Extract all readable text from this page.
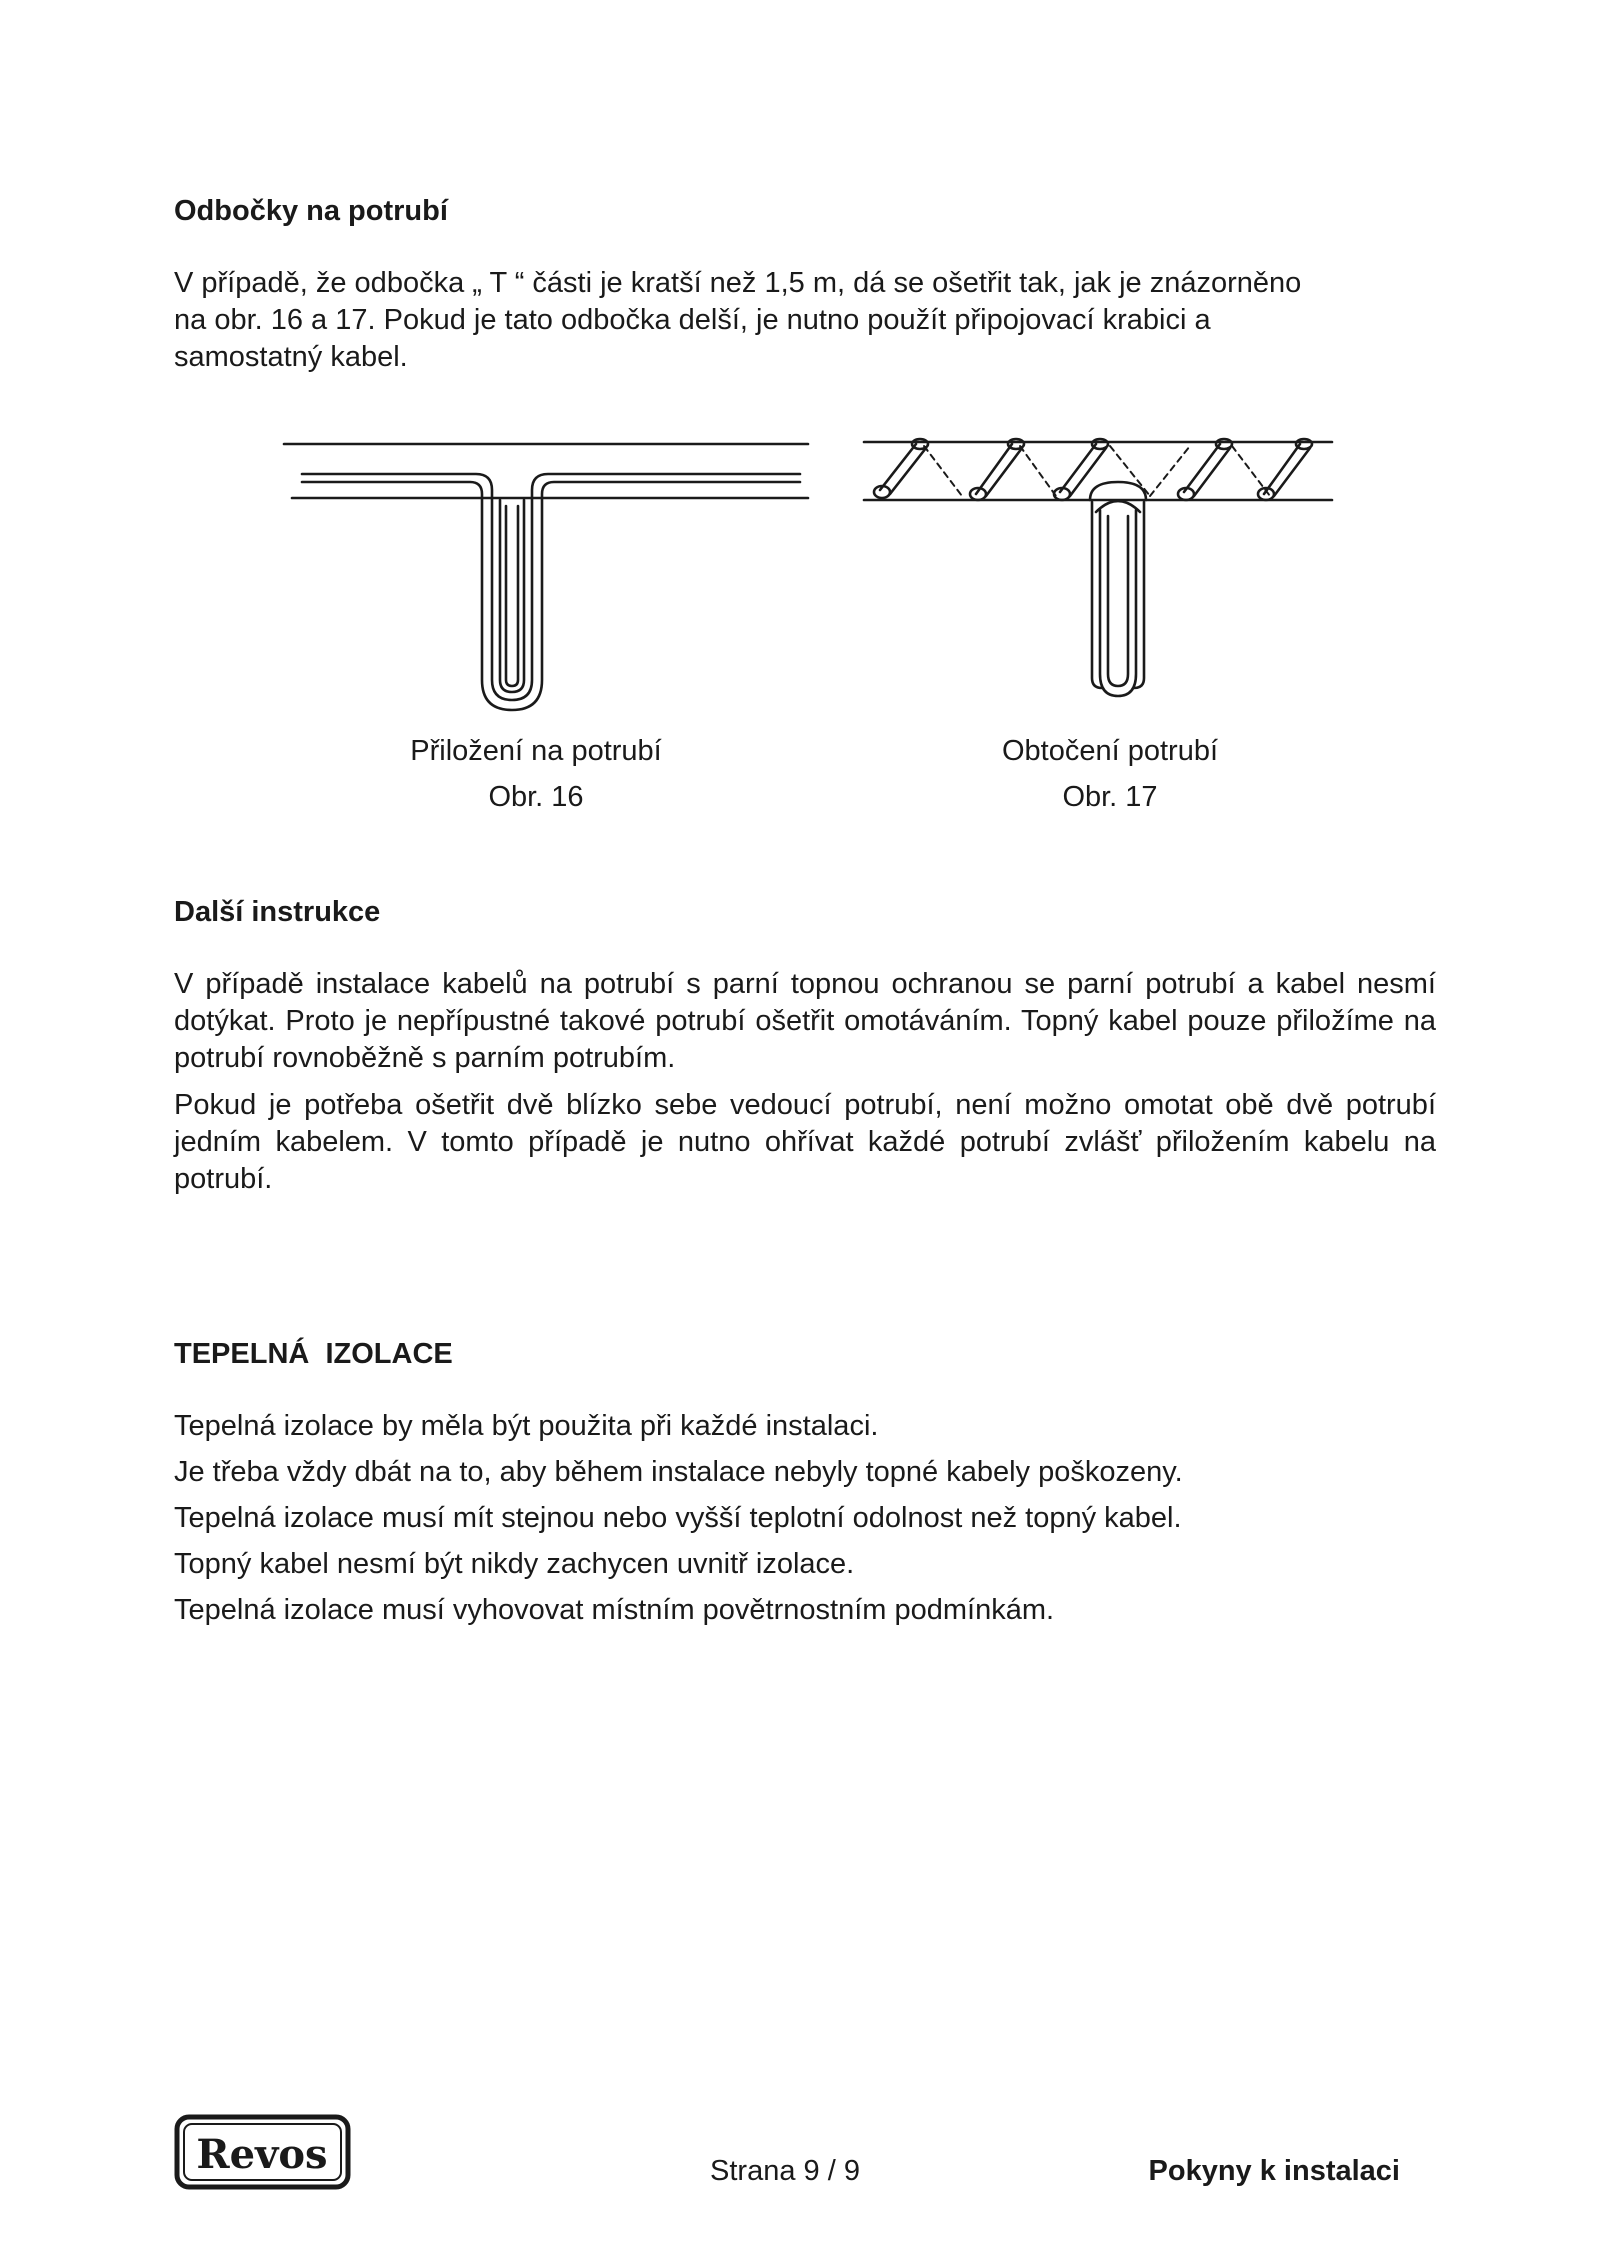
Odbočky na potrubí

V případě, že odbočka „ T “ části je kratší než 1,5 m, dá se ošetřit tak, jak je znázorněno

na obr. 16 a 17. Pokud je tato odbočka delší, je nutno použít připojovací krabici a

samostatný kabel.

Přiložení na potrubí
Obr. 16
Obtočení potrubí
Obr. 17
Další instrukce

V případě instalace kabelů na potrubí s parní topnou ochranou se parní potrubí a kabel nesmí dotýkat. Proto je nepřípustné takové potrubí ošetřit omotáváním. Topný kabel pouze přiložíme na potrubí rovnoběžně s parním potrubím.

Pokud je potřeba ošetřit dvě blízko sebe vedoucí potrubí, není možno omotat obě dvě potrubí jedním kabelem. V tomto případě je nutno ohřívat každé potrubí zvlášť přiložením kabelu na potrubí.

TEPELNÁ  IZOLACE
Tepelná izolace by měla být použita při každé instalaci.
Je třeba vždy dbát na to, aby během instalace nebyly topné kabely poškozeny.
Tepelná izolace musí mít stejnou nebo vyšší teplotní odolnost než topný kabel.
Topný kabel nesmí být nikdy zachycen uvnitř izolace.
Tepelná izolace musí vyhovovat místním povětrnostním podmínkám.
Revos	Strana 9 / 9	Pokyny k instalaci
